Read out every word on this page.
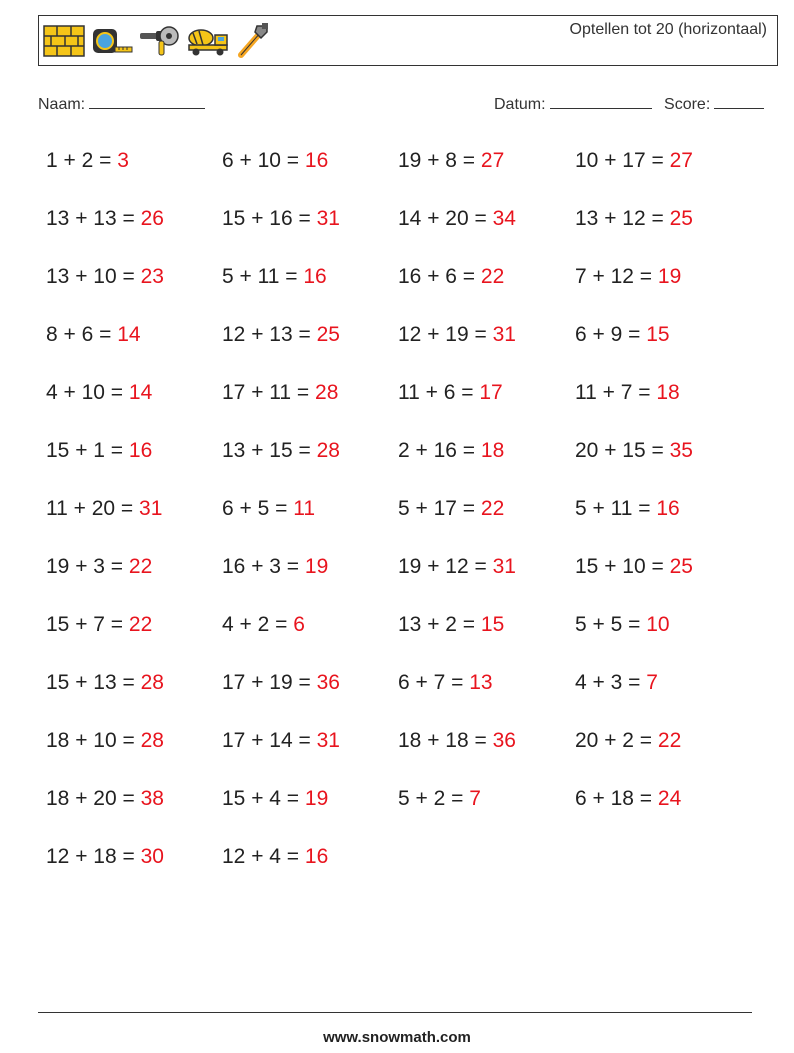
Optellen tot 20 (horizontaal)
Naam:	Datum:	Score:
1 + 2 = 3	6 + 10 = 16	19 + 8 = 27	10 + 17 = 27
13 + 13 = 26	15 + 16 = 31	14 + 20 = 34	13 + 12 = 25
13 + 10 = 23	5 + 11 = 16	16 + 6 = 22	7 + 12 = 19
8 + 6 = 14	12 + 13 = 25	12 + 19 = 31	6 + 9 = 15
4 + 10 = 14	17 + 11 = 28	11 + 6 = 17	11 + 7 = 18
15 + 1 = 16	13 + 15 = 28	2 + 16 = 18	20 + 15 = 35
11 + 20 = 31	6 + 5 = 11	5 + 17 = 22	5 + 11 = 16
19 + 3 = 22	16 + 3 = 19	19 + 12 = 31	15 + 10 = 25
15 + 7 = 22	4 + 2 = 6	13 + 2 = 15	5 + 5 = 10
15 + 13 = 28	17 + 19 = 36	6 + 7 = 13	4 + 3 = 7
18 + 10 = 28	17 + 14 = 31	18 + 18 = 36	20 + 2 = 22
18 + 20 = 38	15 + 4 = 19	5 + 2 = 7	6 + 18 = 24
12 + 18 = 30	12 + 4 = 16
www.snowmath.com
